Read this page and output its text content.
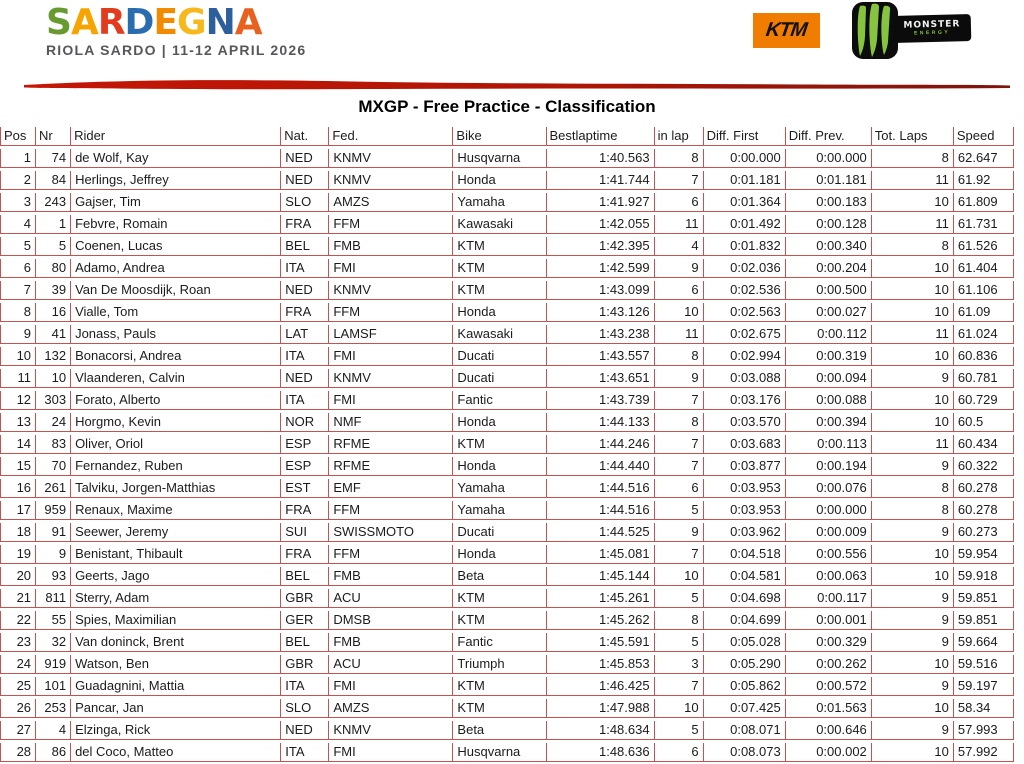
SARDEGNA
RIOLA SARDO | 11-12 APRIL 2026
KTM	MONSTER
ENERGY
MXGP - Free Practice - Classification
Pos	Nr	Rider	Nat.	Fed.	Bike	Bestlaptime	in lap	Diff. First	Diff. Prev.	Tot. Laps	Speed
1	74	de Wolf, Kay	NED	KNMV	Husqvarna	1:40.563	8	0:00.000	0:00.000	8	62.647
2	84	Herlings, Jeffrey	NED	KNMV	Honda	1:41.744	7	0:01.181	0:01.181	11	61.92
3	243	Gajser, Tim	SLO	AMZS	Yamaha	1:41.927	6	0:01.364	0:00.183	10	61.809
4	1	Febvre, Romain	FRA	FFM	Kawasaki	1:42.055	11	0:01.492	0:00.128	11	61.731
5	5	Coenen, Lucas	BEL	FMB	KTM	1:42.395	4	0:01.832	0:00.340	8	61.526
6	80	Adamo, Andrea	ITA	FMI	KTM	1:42.599	9	0:02.036	0:00.204	10	61.404
7	39	Van De Moosdijk, Roan	NED	KNMV	KTM	1:43.099	6	0:02.536	0:00.500	10	61.106
8	16	Vialle, Tom	FRA	FFM	Honda	1:43.126	10	0:02.563	0:00.027	10	61.09
9	41	Jonass, Pauls	LAT	LAMSF	Kawasaki	1:43.238	11	0:02.675	0:00.112	11	61.024
10	132	Bonacorsi, Andrea	ITA	FMI	Ducati	1:43.557	8	0:02.994	0:00.319	10	60.836
11	10	Vlaanderen, Calvin	NED	KNMV	Ducati	1:43.651	9	0:03.088	0:00.094	9	60.781
12	303	Forato, Alberto	ITA	FMI	Fantic	1:43.739	7	0:03.176	0:00.088	10	60.729
13	24	Horgmo, Kevin	NOR	NMF	Honda	1:44.133	8	0:03.570	0:00.394	10	60.5
14	83	Oliver, Oriol	ESP	RFME	KTM	1:44.246	7	0:03.683	0:00.113	11	60.434
15	70	Fernandez, Ruben	ESP	RFME	Honda	1:44.440	7	0:03.877	0:00.194	9	60.322
16	261	Talviku, Jorgen-Matthias	EST	EMF	Yamaha	1:44.516	6	0:03.953	0:00.076	8	60.278
17	959	Renaux, Maxime	FRA	FFM	Yamaha	1:44.516	5	0:03.953	0:00.000	8	60.278
18	91	Seewer, Jeremy	SUI	SWISSMOTO	Ducati	1:44.525	9	0:03.962	0:00.009	9	60.273
19	9	Benistant, Thibault	FRA	FFM	Honda	1:45.081	7	0:04.518	0:00.556	10	59.954
20	93	Geerts, Jago	BEL	FMB	Beta	1:45.144	10	0:04.581	0:00.063	10	59.918
21	811	Sterry, Adam	GBR	ACU	KTM	1:45.261	5	0:04.698	0:00.117	9	59.851
22	55	Spies, Maximilian	GER	DMSB	KTM	1:45.262	8	0:04.699	0:00.001	9	59.851
23	32	Van doninck, Brent	BEL	FMB	Fantic	1:45.591	5	0:05.028	0:00.329	9	59.664
24	919	Watson, Ben	GBR	ACU	Triumph	1:45.853	3	0:05.290	0:00.262	10	59.516
25	101	Guadagnini, Mattia	ITA	FMI	KTM	1:46.425	7	0:05.862	0:00.572	9	59.197
26	253	Pancar, Jan	SLO	AMZS	KTM	1:47.988	10	0:07.425	0:01.563	10	58.34
27	4	Elzinga, Rick	NED	KNMV	Beta	1:48.634	5	0:08.071	0:00.646	9	57.993
28	86	del Coco, Matteo	ITA	FMI	Husqvarna	1:48.636	6	0:08.073	0:00.002	10	57.992
